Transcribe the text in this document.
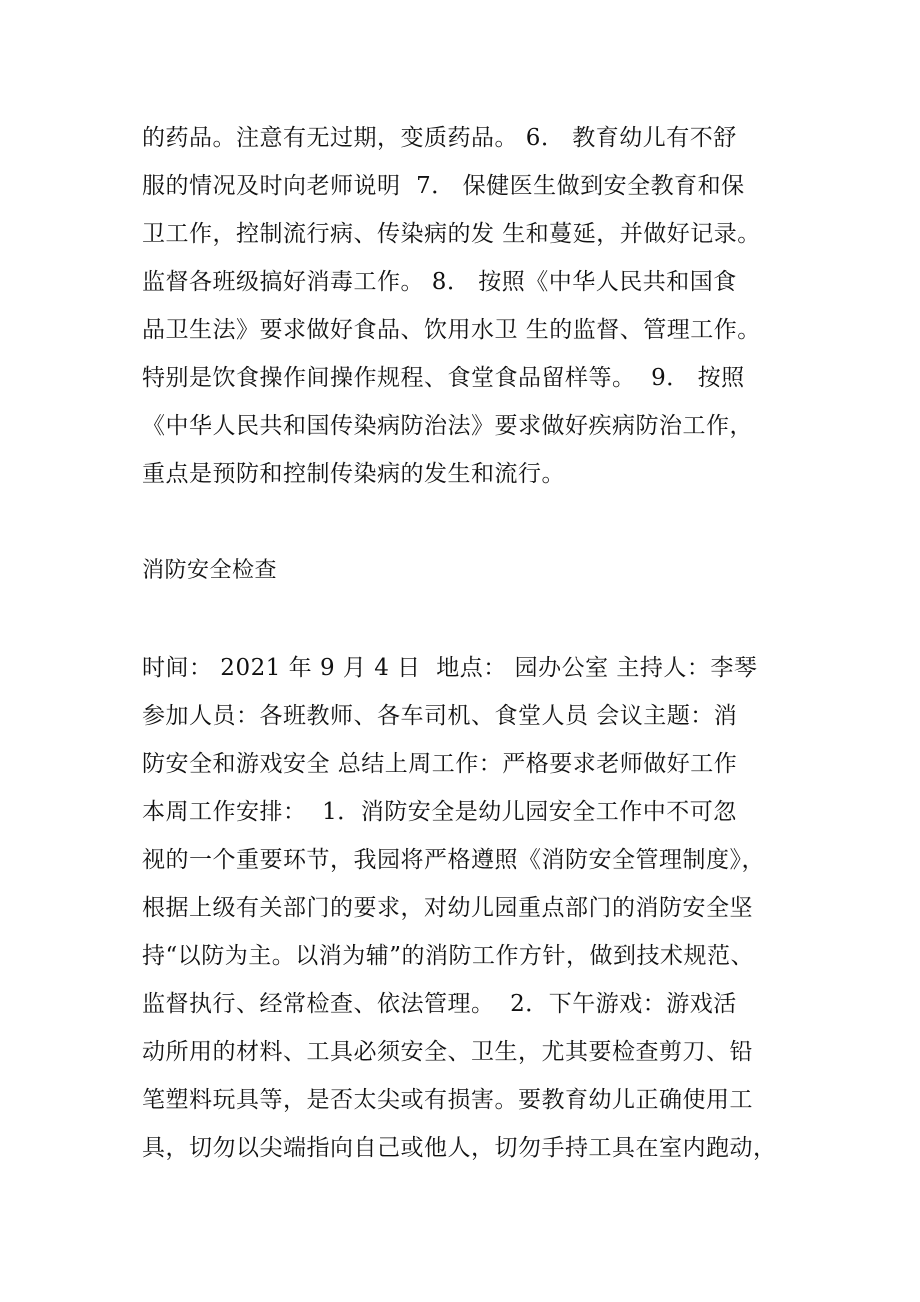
的药品。注意有无过期，变质药品。 6． 教育幼儿有不舒
服的情况及时向老师说明  7． 保健医生做到安全教育和保
卫工作，控制流行病、传染病的发 生和蔓延，并做好记录。
监督各班级搞好消毒工作。 8． 按照《中华人民共和国食
品卫生法》要求做好食品、饮用水卫 生的监督、管理工作。
特别是饮食操作间操作规程、食堂食品留样等。  9． 按照
《中华人民共和国传染病防治法》要求做好疾病防治工作，
重点是预防和控制传染病的发生和流行。
消防安全检查
时间： 2021 年 9 月 4 日  地点： 园办公室 主持人：李琴
参加人员：各班教师、各车司机、食堂人员 会议主题：消
防安全和游戏安全 总结上周工作：严格要求老师做好工作
本周工作安排：  1．消防安全是幼儿园安全工作中不可忽
视的一个重要环节，我园将严格遵照《消防安全管理制度》，
根据上级有关部门的要求，对幼儿园重点部门的消防安全坚
持“以防为主。以消为辅”的消防工作方针，做到技术规范、
监督执行、经常检查、依法管理。  2．下午游戏：游戏活
动所用的材料、工具必须安全、卫生，尤其要检查剪刀、铅
笔塑料玩具等，是否太尖或有损害。要教育幼儿正确使用工
具，切勿以尖端指向自己或他人，切勿手持工具在室内跑动，
